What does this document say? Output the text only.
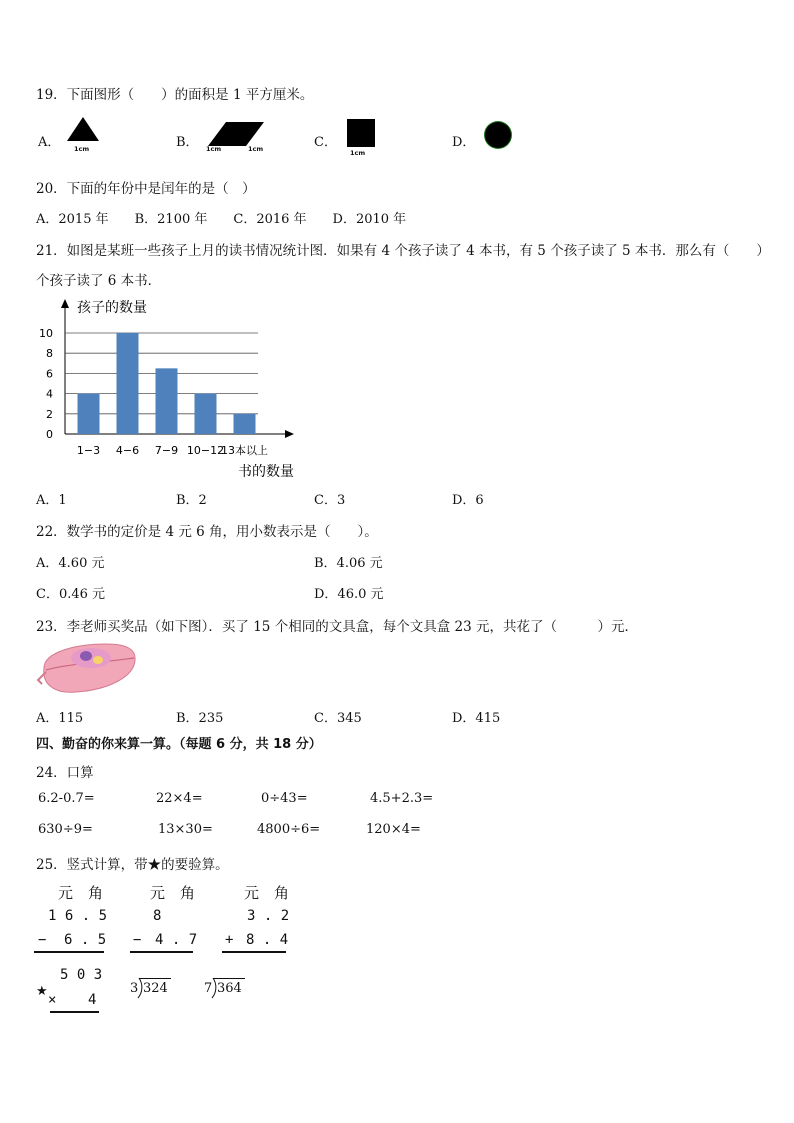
19．下面图形（　　）的面积是 1 平方厘米。
A． 1cm	B． 1cm	1cm	C．
1cm
D．
20．下面的年份中是闰年的是（　）
A．2015 年　　B．2100 年　　C．2016 年　　D．2010 年
21．如图是某班一些孩子上月的读书情况统计图．如果有 4 个孩子读了 4 本书，有 5 个孩子读了 5 本书．那么有（　　）
个孩子读了 6 本书．
0
2
4
6
8
10
1−3 4−6 7−9 10−12
13本以上
孩子的数量
书的数量
A．1	B．2	C．3	D．6
22．数学书的定价是 4 元 6 角，用小数表示是（　　）。
A．4.60 元	B．4.06 元
C．0.46 元	D．46.0 元
23．李老师买奖品（如下图）．买了 15 个相同的文具盒，每个文具盒 23 元，共花了（　　　）元．
A．115	B．235	C．345	D．415
四、勤奋的你来算一算。（每题 6 分，共 18 分）
24．口算
6.2-0.7=	22×4=	0÷43=	4.5+2.3=
630÷9=	13×30=	4800÷6=	120×4=
25．竖式计算，带★的要验算。
元　角
1 6 . 5
− 6 . 5
元　角
8
− 4 . 7
元　角
3 . 2
+ 8 . 4
★
5 0 3
× 4
3 324	7 364
